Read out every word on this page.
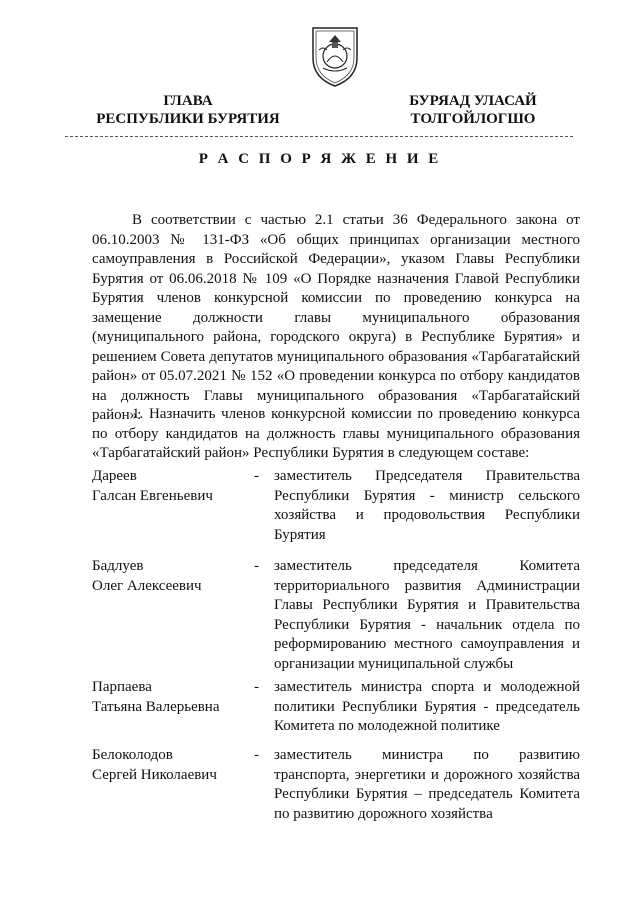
ГЛАВА
РЕСПУБЛИКИ БУРЯТИЯ
БУРЯАД УЛАСАЙ
ТОЛГОЙЛОГШО
Р А С П О Р Я Ж Е Н И Е

В соответствии с частью 2.1 статьи 36 Федерального закона от 06.10.2003 № 131-ФЗ «Об общих принципах организации местного самоуправления в Российской Федерации», указом Главы Республики Бурятия от 06.06.2018 № 109 «О Порядке назначения Главой Республики Бурятия членов конкурсной комиссии по проведению конкурса на замещение должности главы муниципального образования (муниципального района, городского округа) в Республике Бурятия» и решением Совета депутатов муниципального образования «Тарбагатайский район» от 05.07.2021 № 152 «О проведении конкурса по отбору кандидатов на должность Главы муниципального образования «Тарбагатайский район»:

1. Назначить членов конкурсной комиссии по проведению конкурса по отбору кандидатов на должность главы муниципального образования «Тарбагатайский район» Республики Бурятия в следующем составе:

Дареев
Галсан Евгеньевич
- заместитель Председателя Правительства Республики Бурятия - министр сельского хозяйства и продовольствия Республики Бурятия
Бадлуев
Олег Алексеевич
- заместитель председателя Комитета территориального развития Администрации Главы Республики Бурятия и Правительства Республики Бурятия - начальник отдела по реформированию местного самоуправления и организации муниципальной службы
Парпаева
Татьяна Валерьевна
- заместитель министра спорта и молодежной политики Республики Бурятия - председатель Комитета по молодежной политике
Белоколодов
Сергей Николаевич
- заместитель министра по развитию транспорта, энергетики и дорожного хозяйства Республики Бурятия – председатель Комитета по развитию дорожного хозяйства
